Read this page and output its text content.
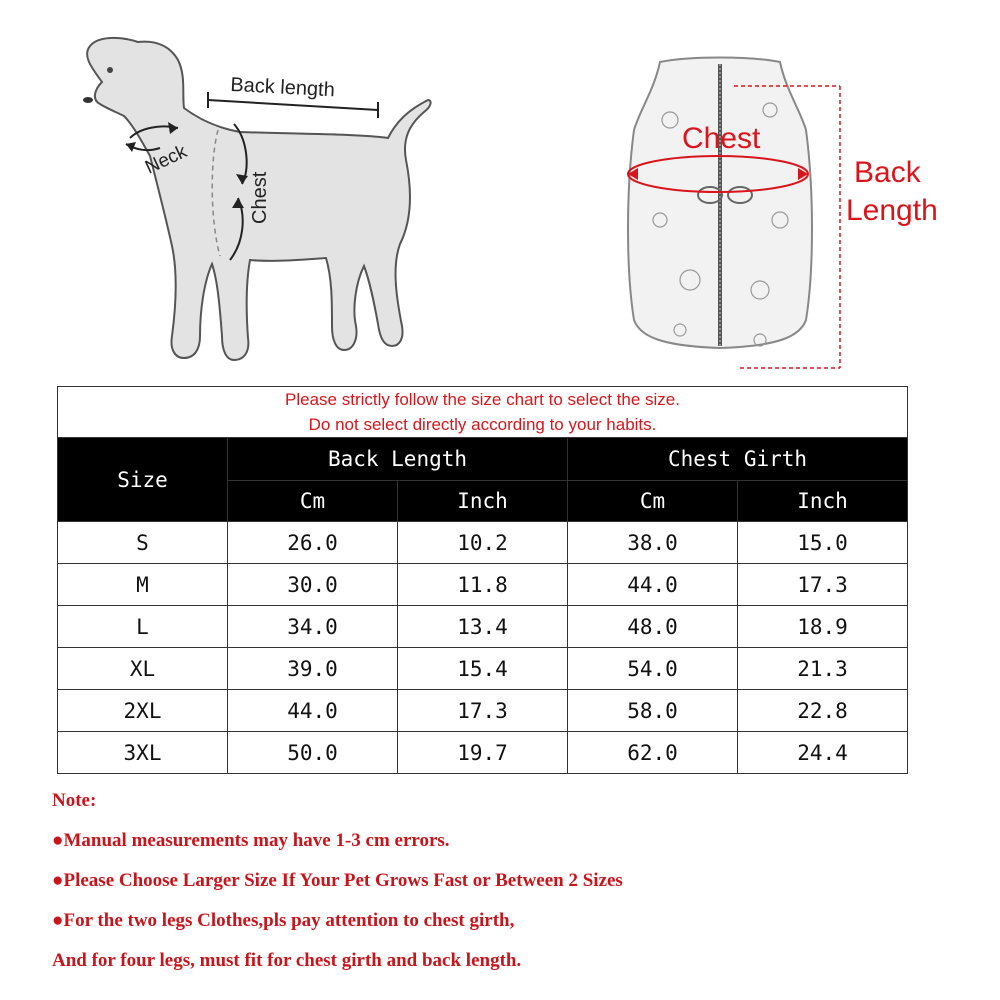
Back length
Neck
Chest
Chest
Back
Length
Please strictly follow the size chart to select the size.
Do not select directly according to your habits.				

Size	Back Length		Chest Girth	
	Cm	Inch	Cm	Inch
S	26.0	10.2	38.0	15.0
M	30.0	11.8	44.0	17.3
L	34.0	13.4	48.0	18.9
XL	39.0	15.4	54.0	21.3
2XL	44.0	17.3	58.0	22.8
3XL	50.0	19.7	62.0	24.4
Note:
●Manual measurements may have 1-3 cm errors.
●Please Choose Larger Size If Your Pet Grows Fast or Between 2 Sizes
●For the two legs Clothes,pls pay attention to chest girth,
And for four legs, must fit for chest girth and back length.
